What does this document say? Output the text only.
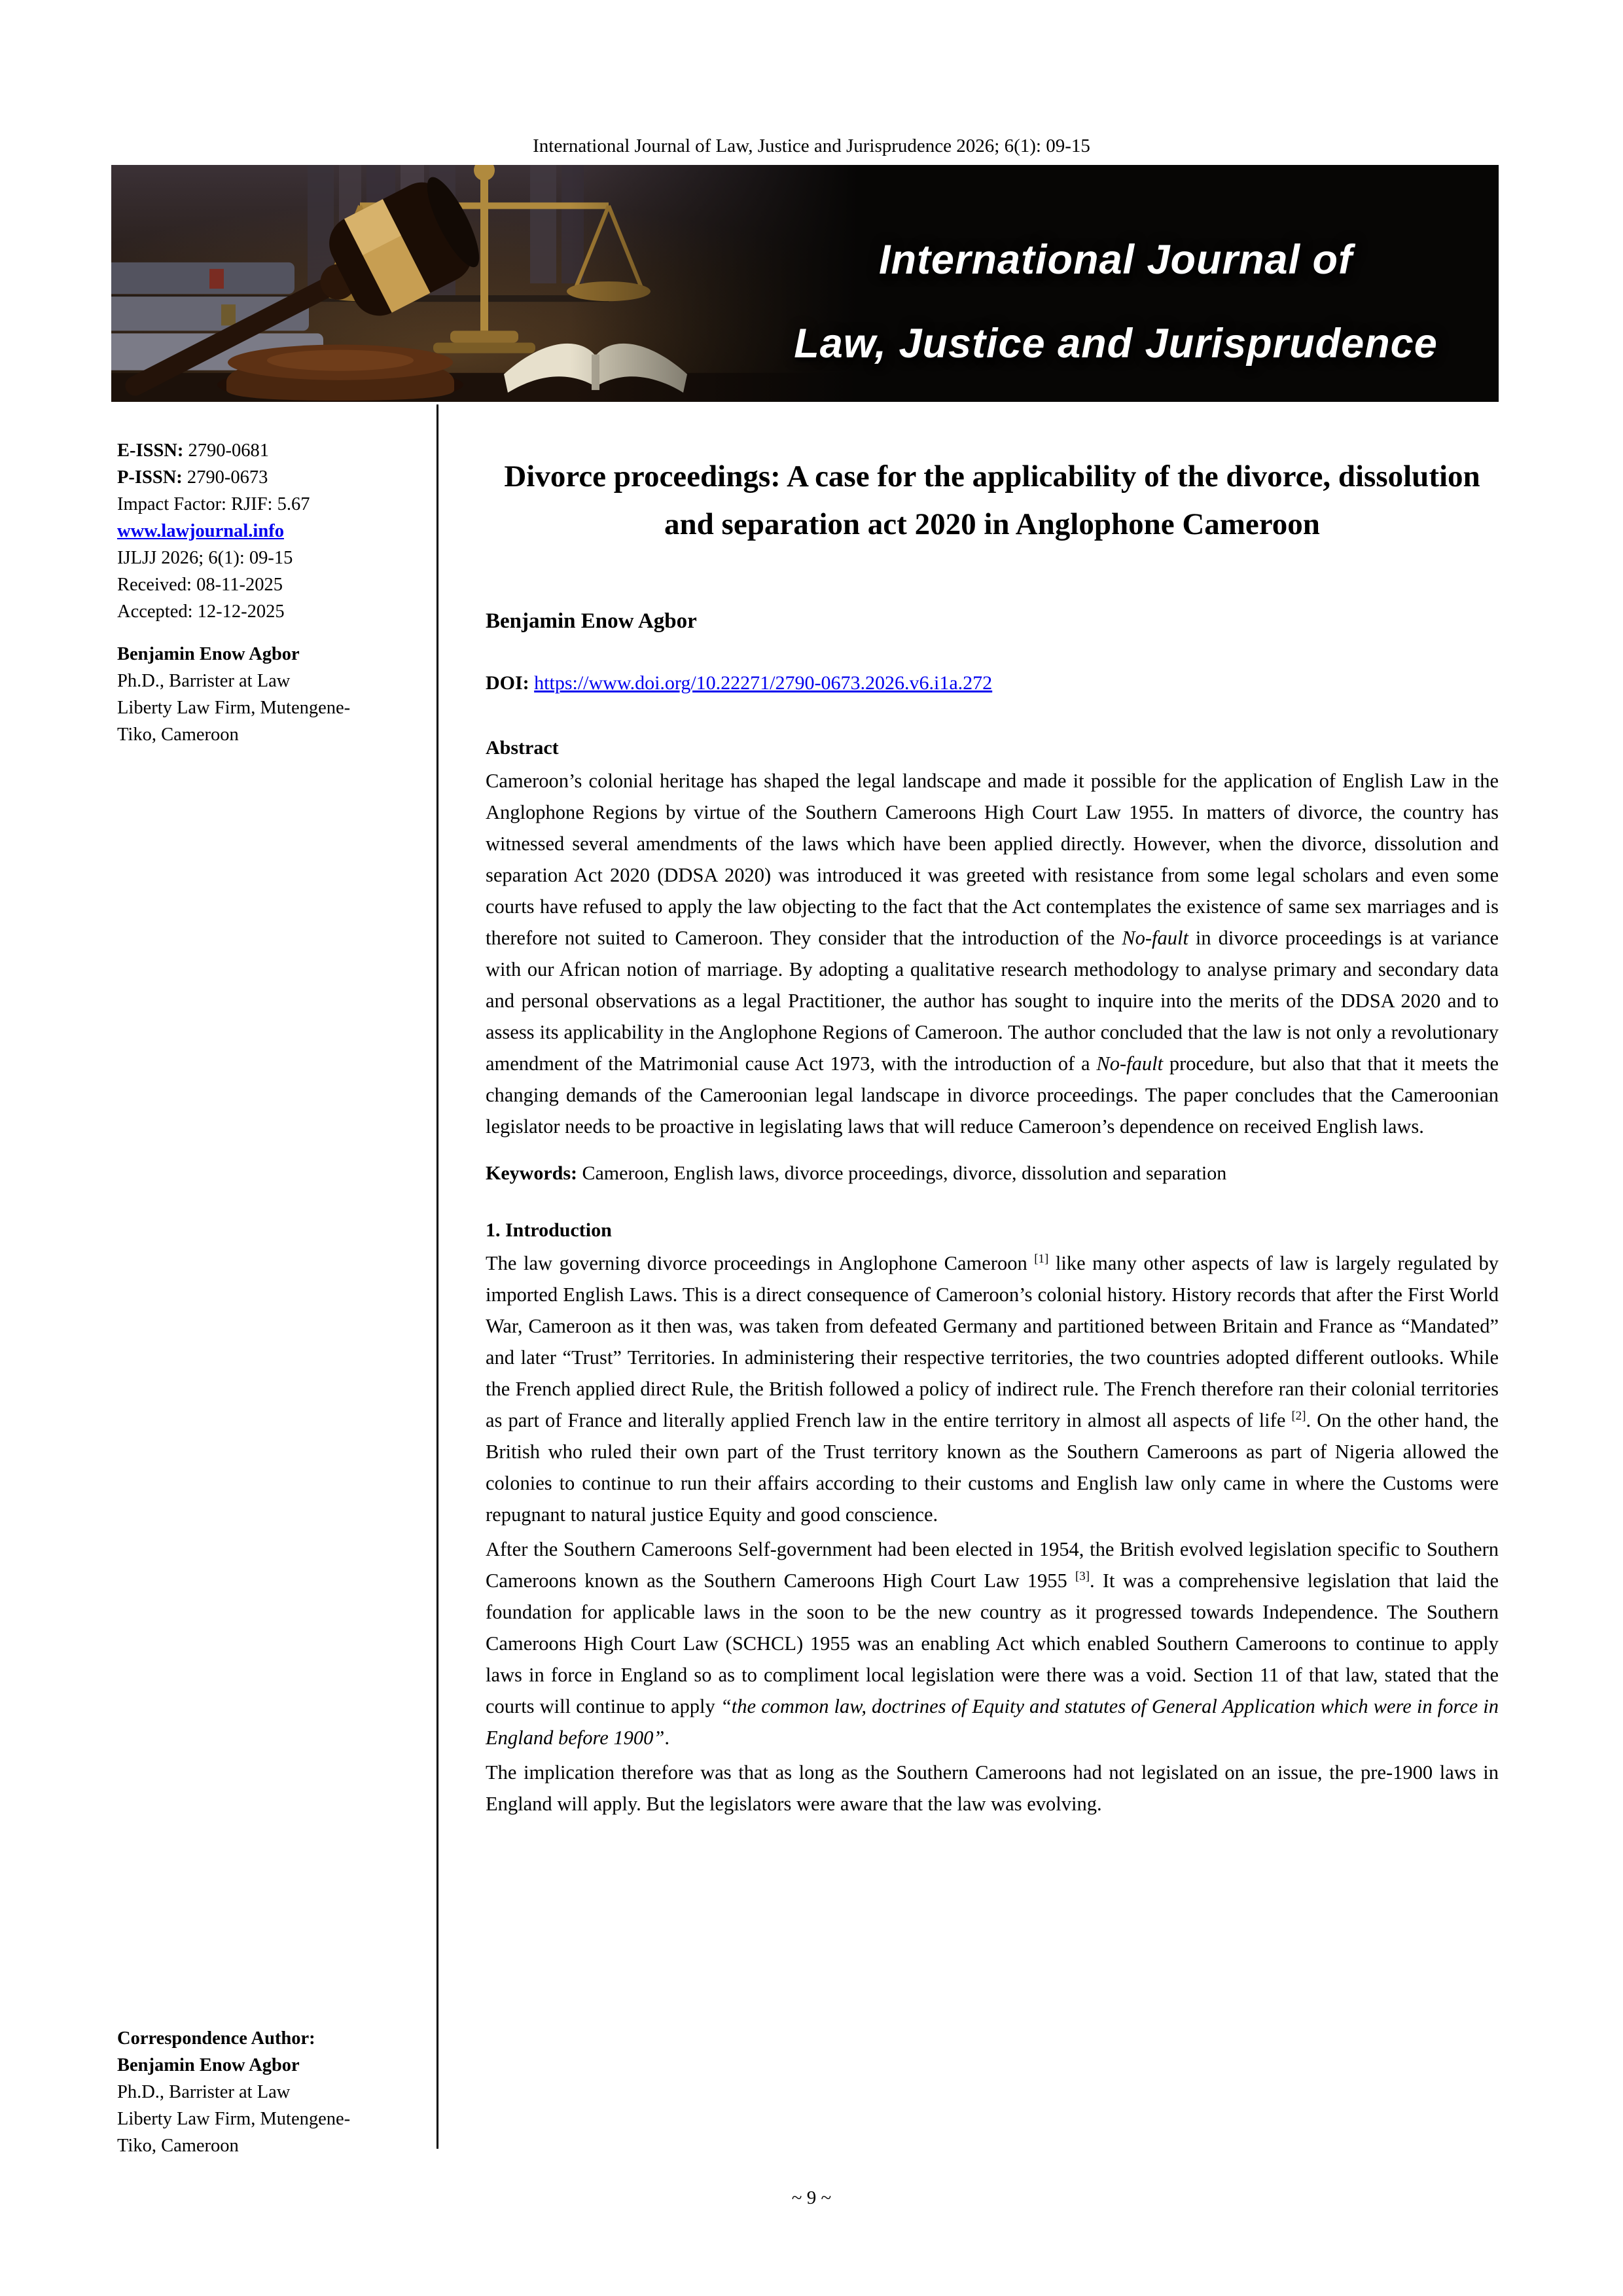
International Journal of Law, Justice and Jurisprudence 2026; 6(1): 09-15
International Journal of
Law, Justice and Jurisprudence
E-ISSN: 2790-0681
P-ISSN: 2790-0673
Impact Factor: RJIF: 5.67
www.lawjournal.info
IJLJJ 2026; 6(1): 09-15
Received: 08-11-2025
Accepted: 12-12-2025
Benjamin Enow Agbor
Ph.D., Barrister at Law
Liberty Law Firm, Mutengene-
Tiko, Cameroon
Correspondence Author:
Benjamin Enow Agbor
Ph.D., Barrister at Law
Liberty Law Firm, Mutengene-
Tiko, Cameroon
Divorce proceedings: A case for the applicability of the divorce, dissolution and separation act 2020 in Anglophone Cameroon
Benjamin Enow Agbor
DOI: https://www.doi.org/10.22271/2790-0673.2026.v6.i1a.272
Abstract

Cameroon’s colonial heritage has shaped the legal landscape and made it possible for the application of English Law in the Anglophone Regions by virtue of the Southern Cameroons High Court Law 1955. In matters of divorce, the country has witnessed several amendments of the laws which have been applied directly. However, when the divorce, dissolution and separation Act 2020 (DDSA 2020) was introduced it was greeted with resistance from some legal scholars and even some courts have refused to apply the law objecting to the fact that the Act contemplates the existence of same sex marriages and is therefore not suited to Cameroon. They consider that the introduction of the No-fault in divorce proceedings is at variance with our African notion of marriage. By adopting a qualitative research methodology to analyse primary and secondary data and personal observations as a legal Practitioner, the author has sought to inquire into the merits of the DDSA 2020 and to assess its applicability in the Anglophone Regions of Cameroon. The author concluded that the law is not only a revolutionary amendment of the Matrimonial cause Act 1973, with the introduction of a No-fault procedure, but also that that it meets the changing demands of the Cameroonian legal landscape in divorce proceedings. The paper concludes that the Cameroonian legislator needs to be proactive in legislating laws that will reduce Cameroon’s dependence on received English laws.

Keywords: Cameroon, English laws, divorce proceedings, divorce, dissolution and separation

1. Introduction

The law governing divorce proceedings in Anglophone Cameroon [1] like many other aspects of law is largely regulated by imported English Laws. This is a direct consequence of Cameroon’s colonial history. History records that after the First World War, Cameroon as it then was, was taken from defeated Germany and partitioned between Britain and France as “Mandated” and later “Trust” Territories. In administering their respective territories, the two countries adopted different outlooks. While the French applied direct Rule, the British followed a policy of indirect rule. The French therefore ran their colonial territories as part of France and literally applied French law in the entire territory in almost all aspects of life [2]. On the other hand, the British who ruled their own part of the Trust territory known as the Southern Cameroons as part of Nigeria allowed the colonies to continue to run their affairs according to their customs and English law only came in where the Customs were repugnant to natural justice Equity and good conscience.

After the Southern Cameroons Self-government had been elected in 1954, the British evolved legislation specific to Southern Cameroons known as the Southern Cameroons High Court Law 1955 [3]. It was a comprehensive legislation that laid the foundation for applicable laws in the soon to be the new country as it progressed towards Independence. The Southern Cameroons High Court Law (SCHCL) 1955 was an enabling Act which enabled Southern Cameroons to continue to apply laws in force in England so as to compliment local legislation were there was a void. Section 11 of that law, stated that the courts will continue to apply “the common law, doctrines of Equity and statutes of General Application which were in force in England before 1900”.

The implication therefore was that as long as the Southern Cameroons had not legislated on an issue, the pre-1900 laws in England will apply. But the legislators were aware that the law was evolving.

~ 9 ~
